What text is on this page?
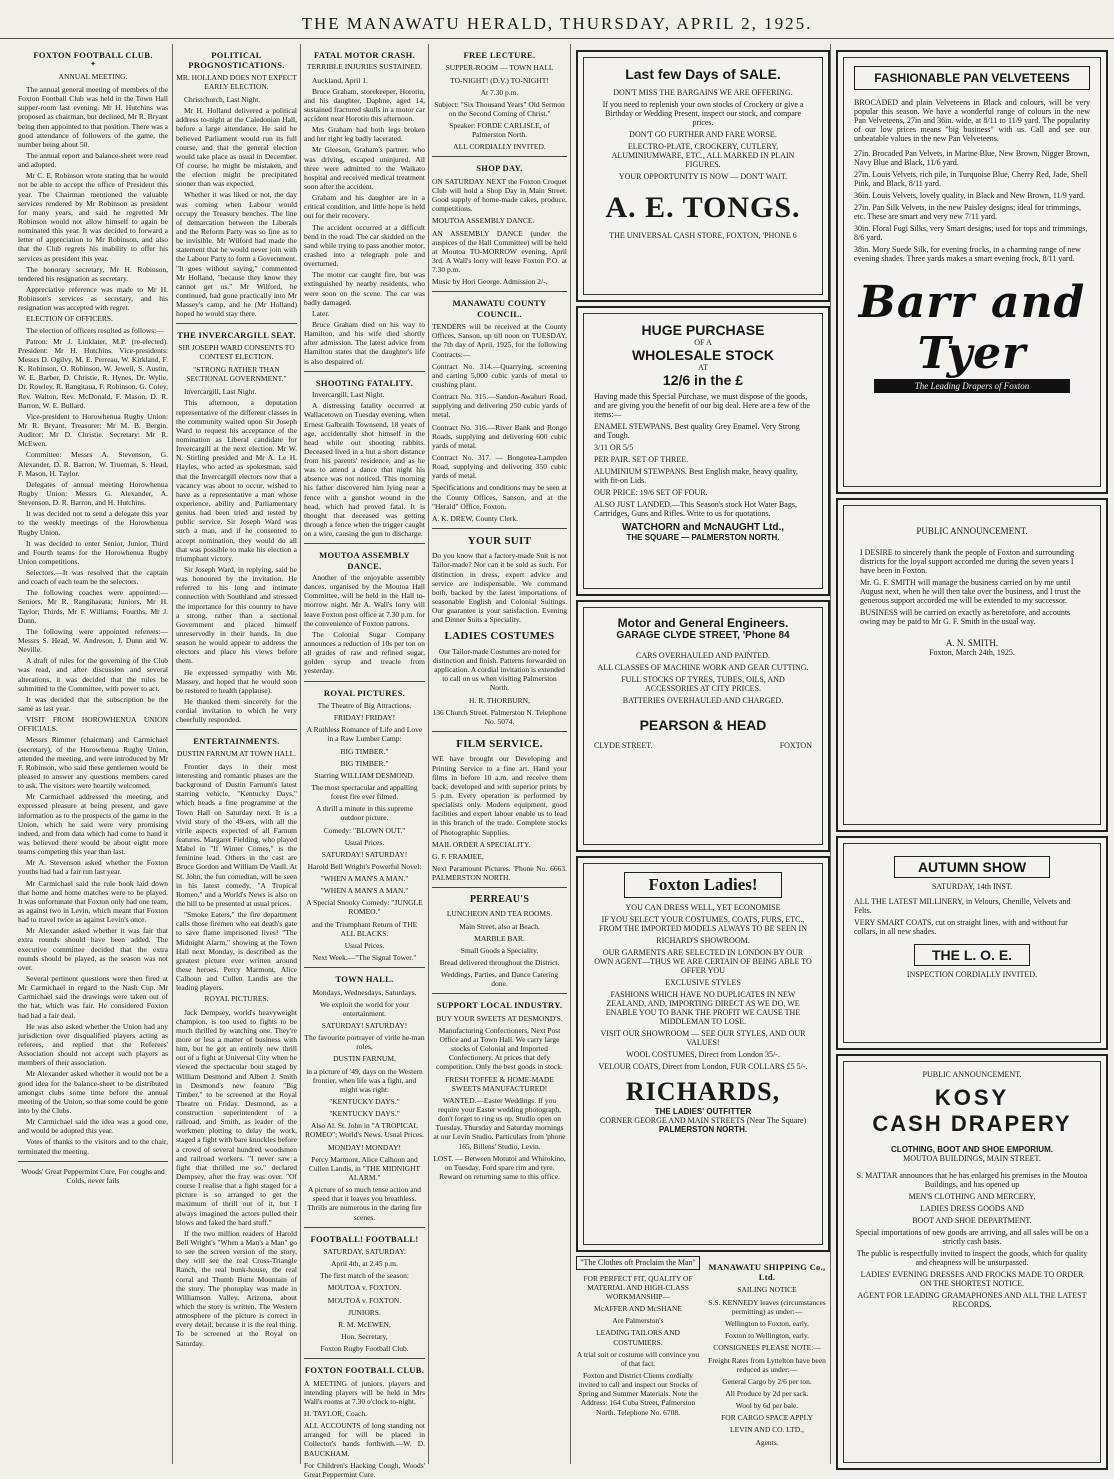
THE MANAWATU HERALD, THURSDAY, APRIL 2, 1925.
FOXTON FOOTBALL CLUB.
✦
ANNUAL MEETING.

The annual general meeting of members of the Foxton Football Club was held in the Town Hall supper-room last evening. Mr H. Hutchins was proposed as chairman, but declined, Mr R. Bryant being then appointed to that position. There was a good attendance of followers of the game, the number being about 50.

The annual report and balance-sheet were read and adopted.

Mr C. E. Robinson wrote stating that he would not be able to accept the office of President this year. The Chairman mentioned the valuable services rendered by Mr Robinson as president for many years, and said he regretted Mr Robinson would not allow himself to again be nominated this year. It was decided to forward a letter of appreciation to Mr Robinson, and also that the Club regrets his inability to offer his services as president this year.

The honorary secretary, Mr H. Robinson, tendered his resignation as secretary.

Appreciative reference was made to Mr H. Robinson's services as secretary, and his resignation was accepted with regret.

ELECTION OF OFFICERS.

The election of officers resulted as follows:—

Patron: Mr J. Linklater, M.P. (re-elected). President: Mr H. Hutchins. Vice-presidents: Messrs D. Ogilvy, M. E. Perreau, W. Kirkland, F. K. Robinson, O. Robinson, W. Jewell, S. Austin, W. E. Barber, D. Christie, R. Hynes, Dr. Wylie, Dr. Rowley, R. Rangitaua, F. Robinson, G. Coley, Rev. Walton, Rev. McDonald, F. Mason, D. R. Barron, W. E. Bullard.

Vice-president to Horowhenua Rugby Union: Mr R. Bryant. Treasurer: Mr M. B. Bergin. Auditor: Mr D. Christie. Secretary: Mr R. McEwen.

Committee: Messrs A. Stevenson, G. Alexander, D. R. Barron, W. Trueman, S. Head, F. Mason, H. Taylor.

Delegates of annual meeting Horowhenua Rugby Union: Messrs G. Alexander, A. Stevenson, D. R. Barron, and H. Hutchins.

It was decided not to send a delegate this year to the weekly meetings of the Horowhenua Rugby Union.

It was decided to enter Senior, Junior, Third and Fourth teams for the Horowhenua Rugby Union competitions.

Selectors.—It was resolved that the captain and coach of each team be the selectors.

The following coaches were appointed:—Seniors, Mr R. Rangihaeata; Juniors, Mr H. Taylor; Thirds, Mr F. Williams; Fourths, Mr J. Dunn.

The following were appointed referees:—Messrs S. Head, W. Andreson, J. Dunn and W. Neville.

A draft of rules for the governing of the Club was read, and after discussion and several alterations, it was decided that the rules be submitted to the Committee, with power to act.

It was decided that the subscription be the same as last year.

VISIT FROM HOROWHENUA UNION OFFICIALS.

Messrs Rimmer (chairman) and Carmichael (secretary), of the Horowhenua Rugby Union, attended the meeting, and were introduced by Mr F. Robinson, who said these gentlemen would be pleased to answer any questions members cared to ask. The visitors were heartily welcomed.

Mr Carmichael addressed the meeting, and expressed pleasure at being present, and gave information as to the prospects of the game in the Union, which he said were very promising indeed, and from data which had come to hand it was believed there would be about eight more teams competing this year than last.

Mr A. Stevenson asked whether the Foxton youths had had a fair run last year.

Mr Carmichael said the rule book laid down that home and home matches were to be played. It was unfortunate that Foxton only had one team, as against two in Levin, which meant that Foxton had to travel twice as against Levin's once.

Mr Alexander asked whether it was fair that extra rounds should have been added. The executive committee decided that the extra rounds should be played, as the season was not over.

Several pertinent questions were then fired at Mr Carmichael in regard to the Nash Cup. Mr Carmichael said the drawings were taken out of the hat, which was fair. He considered Foxton had had a fair deal.

He was also asked whether the Union had any jurisdiction over disqualified players acting as referees, and replied that the Referees' Association should not accept such players as members of their association.

Mr Alexander asked whether it would not be a good idea for the balance-sheet to be distributed amongst clubs some time before the annual meeting of the Union, so that some could be gone into by the Clubs.

Mr Carmichael said the idea was a good one, and would be adopted this year.

Votes of thanks to the visitors and to the chair, terminated the meeting.

Woods' Great Peppermint Cure, For coughs and Colds, never fails
POLITICAL PROGNOSTICATIONS.
MR. HOLLAND DOES NOT EXPECT EARLY ELECTION.

Christchurch, Last Night.

Mr H. Holland delivered a political address to-night at the Caledonian Hall, before a large attendance. He said he believed Parliament would run its full course, and that the general election would take place as usual in December. Of course, he might be mistaken, and the election might be precipitated sooner than was expected.

Whether it was liked or not, the day was coming when Labour would occupy the Treasury benches. The line of demarcation between the Liberals and the Reform Party was so fine as to be invisible. Mr Wilford had made the statement that he would never join with the Labour Party to form a Government. "It goes without saying," commented Mr Holland, "because they know they cannot get us." Mr Wilford, he continued, had gone practically into Mr Massey's camp, and he (Mr Holland) hoped he would stay there.

THE INVERCARGILL SEAT.
SIR JOSEPH WARD CONSENTS TO CONTEST ELECTION.
"STRONG RATHER THAN SECTIONAL GOVERNMENT."

Invercargill, Last Night.

This afternoon, a deputation representative of the different classes in the community waited upon Sir Joseph Ward to request his acceptance of the nomination as Liberal candidate for Invercargill at the next election. Mr W. N. Stirling presided and Mr A. Le H. Hayles, who acted as spokesman, said that the Invercargill electors now that a vacancy was about to occur, wished to have as a representative a man whose experience, ability and Parliamentary genius had been tried and tested by public service. Sir Joseph Ward was such a man, and if he consented to accept nomination, they would do all that was possible to make his election a triumphant victory.

Sir Joseph Ward, in replying, said he was honoured by the invitation. He referred to his long and intimate connection with Southland and stressed the importance for this country to have a strong, rather than a sectional Government and placed himself unreservedly in their hands. In due season he would appear to address the electors and place his views before them.

He expressed sympathy with Mr. Massey, and hoped that he would soon be restored to health (applause).

He thanked them sincerely for the cordial invitation to which he very cheerfully responded.

ENTERTAINMENTS.
DUSTIN FARNUM AT TOWN HALL.

Frontier days in their most interesting and romantic phases are the background of Dustin Farnum's latest starring vehicle, "Kentucky Days," which heads a fine programme at the Town Hall on Saturday next. It is a vivid story of the 49-ers, with all the virile aspects expected of all Farnum features. Margaret Fielding, who played Mabel in "If Winter Comes," is the feminine lead. Others in the cast are Bruce Gordon and William De Vaull. At St. John, the fun comedian, will be seen in his latest comedy, "A Tropical Romeo," and a World's News is also on the bill to be presented at usual prices.

"Smoke Eaters," the fire department calls those firemen who eat death's gate to save flame imprisoned lives! "The Midnight Alarm," showing at the Town Hall next Monday, is described as the greatest picture ever written around these heroes. Percy Marmont, Alice Calhoun and Cullen Landis are the leading players.

ROYAL PICTURES.

Jack Dempsey, world's heavyweight champion, is too used to fights to be much thrilled by watching one. They're more or less a matter of business with him, but he got an entirely new thrill out of a fight at Universal City when he viewed the spectacular bout staged by William Desmond and Albert J. Smith in Desmond's new feature "Big Timber," to be screened at the Royal Theatre on Friday. Desmond, as a construction superintendent of a railroad, and Smith, as leader of the workmen plotting to delay the work, staged a fight with bare knuckles before a crowd of several hundred woodsmen and railroad workers. "I never saw a fight that thrilled me so," declared Dempsey, after the fray was over. "Of course I realise that a fight staged for a picture is so arranged to get the maximum of thrill out of it, but I always imagined the actors pulled their blows and faked the hard stuff."

If the two million readers of Harold Bell Wright's "When a Man's a Man" go to see the screen version of the story, they will see the real Cross-Triangle Ranch, the real bunk-house, the real corral and Thumb Butte Mountain of the story. The photoplay was made in Williamson Valley, Arizona, about which the story is written. The Western atmosphere of the picture is correct in every detail, because it is the real thing. To be screened at the Royal on Saturday.

FATAL MOTOR CRASH.
TERRIBLE INJURIES SUSTAINED.

Auckland, April 1.

Bruce Graham, storekeeper, Horotiu, and his daughter, Daphne, aged 14, sustained fractured skulls in a motor car accident near Horotiu this afternoon.

Mrs Graham had both legs broken and her right leg badly lacerated.

Mr Gleeson, Graham's partner, who was driving, escaped uninjured. All three were admitted to the Waikato hospital and received medical treatment soon after the accident.

Graham and his daughter are in a critical condition, and little hope is held out for their recovery.

The accident occurred at a difficult bend in the road. The car skidded on the sand while trying to pass another motor, crashed into a telegraph pole and overturned.

The motor car caught fire, but was extinguished by nearby residents, who were soon on the scene. The car was badly damaged.

Later.

Bruce Graham died on his way to Hamilton, and his wife died shortly after admission. The latest advice from Hamilton states that the daughter's life is also despaired of.

SHOOTING FATALITY.

Invercargill, Last Night.

A distressing fatality occurred at Wallacetown on Tuesday evening, when Ernest Galbraith Townsend, 18 years of age, accidentally shot himself in the head while out shooting rabbits. Deceased lived in a hut a short distance from his parents' residence, and as he was to attend a dance that night his absence was not noticed. This morning his father discovered him lying near a fence with a gunshot wound in the head, which had proved fatal. It is thought that deceased was getting through a fence when the trigger caught on a wire, causing the gun to discharge.

MOUTOA ASSEMBLY DANCE.

Another of the enjoyable assembly dances, organised by the Moutoa Hall Committee, will be held in the Hall to-morrow night. Mr A. Wall's lorry will leave Foxton post office at 7.30 p.m. for the convenience of Foxton patrons.

The Colonial Sugar Company announces a reduction of 10s per ton on all grades of raw and refined sugar, golden syrup and treacle from yesterday.

ROYAL PICTURES.
The Theatre of Big Attractions.
FRIDAY! FRIDAY!
A Ruthless Romance of Life and Love in a Raw Lumber Camp:
BIG TIMBER."
BIG TIMBER."
Starring WILLIAM DESMOND.
The most spectacular and appalling forest fire ever filmed.
A thrill a minute in this supreme outdoor picture.
Comedy: "BLOWN OUT."
Usual Prices.
SATURDAY! SATURDAY!
Harold Bell Wright's Powerful Novel:
"WHEN A MAN'S A MAN."
"WHEN A MAN'S A MAN."
A Special Snooky Comedy: "JUNGLE ROMEO."
and the Triumphant Return of THE ALL BLACKS.
Usual Prices.
Next Week.—"The Signal Tower."
TOWN HALL.
Mondays, Wednesdays, Saturdays.
We exploit the world for your entertainment.
SATURDAY! SATURDAY!
The favourite portrayer of virile he-man roles,
DUSTIN FARNUM,
in a picture of '49, days on the Western frontier, when life was a fight, and might was right:
"KENTUCKY DAYS."
"KENTUCKY DAYS."
Also Al. St. John in "A TROPICAL ROMEO"; World's News. Usual Prices.
MONDAY! MONDAY!
Percy Marmont, Alice Calhoun and Cullen Landis, in "THE MIDNIGHT ALARM."
A picture of so much tense action and speed that it leaves you breathless. Thrills are numerous in the daring fire scenes.
FOOTBALL! FOOTBALL!
SATURDAY, SATURDAY.
April 4th, at 2.45 p.m.
The first match of the season:
MOUTOA v. FOXTON.
MOUTOA v. FOXTON.
JUNIORS.
R. M. McEWEN,
Hon. Secretary,
Foxton Rugby Football Club.
FOXTON FOOTBALL CLUB.
A MEETING of juniors, players and intending players will be held in Mrs Wall's rooms at 7.30 o'clock to-night.
H. TAYLOR, Coach.
ALL ACCOUNTS of long standing not arranged for will be placed in Collector's hands forthwith.—W. D. BAUCKHAM.
For Children's Hacking Cough, Woods' Great Peppermint Cure.
FREE LECTURE.
SUPPER-ROOM — TOWN HALL
TO-NIGHT! (D.V.) TO-NIGHT!
At 7.30 p.m.
Subject: "Six Thousand Years" Old Sermon on the Second Coming of Christ."
Speaker: FORDE CARLISLE, of Palmerston North.
ALL CORDIALLY INVITED.
SHOP DAY.
ON SATURDAY NEXT the Foxton Croquet Club will hold a Shop Day in Main Street. Good supply of home-made cakes, produce, competitions.
MOUTOA ASSEMBLY DANCE.
AN ASSEMBLY DANCE (under the auspices of the Hall Committee) will be held at Moutoa TO-MORROW evening, April 3rd. A Wall's lorry will leave Foxton P.O. at 7.30 p.m.
Music by Hori George. Admission 2/-.
MANAWATU COUNTY COUNCIL.
TENDERS will be received at the County Offices, Sanson, up till noon on TUESDAY, the 7th day of April, 1925, for the following Contracts:—
Contract No. 314.—Quarrying, screening and carting 5,000 cubic yards of metal to crushing plant.
Contract No. 315.—Sandon-Awahuri Road, supplying and delivering 250 cubic yards of metal.
Contract No. 316.—River Bank and Rongo Roads, supplying and delivering 600 cubic yards of metal.
Contract No. 317. — Bongotea-Lampden Road, supplying and delivering 350 cubic yards of metal.
Specifications and conditions may be seen at the County Offices, Sanson, and at the "Herald" Office, Foxton.
A. K. DREW, County Clerk.
YOUR SUIT
Do you know that a factory-made Suit is not Tailor-made? Nor can it be sold as such. For distinction in dress, expert advice and service are indispensable. We command both, backed by the latest importations of seasonable English and Colonial Suitings. Our guarantee is your satisfaction. Evening and Dinner Suits a Speciality.
LADIES COSTUMES
Our Tailor-made Costumes are noted for distinction and finish. Patterns forwarded on application. A cordial invitation is extended to call on us when visiting Palmerston North.
H. R. THORBURN,
136 Church Street. Palmerston N. Telephone No. 5074.
FILM SERVICE.
WE have brought our Developing and Printing Service to a fine art. Hand your films in before 10 a.m. and receive them back, developed and with superior prints by 5 p.m. Every operation is performed by specialists only. Modern equipment, good facilities and expert labour enable us to lead in this branch of the trade. Complete stocks of Photographic Supplies.
MAIL ORDER A SPECIALITY.
G. F. FRAMJEE,
Next Paramount Pictures. 'Phone No. 6663. PALMERSTON NORTH.
PERREAU'S
LUNCHEON AND TEA ROOMS.
Main Street, also at Beach.
MARBLE BAR.
Small Goods a Speciality.
Bread delivered throughout the District.
Weddings, Parties, and Dance Catering done.
SUPPORT LOCAL INDUSTRY.
BUY YOUR SWEETS AT DESMOND'S.
Manufacturing Confectioners, Next Post Office and at Town Hall. We carry large stocks of Colonial and Imported Confectionery. At prices that defy competition. Only the best goods in stock.
FRESH TOFFEE & HOME-MADE SWEETS MANUFACTURED!
WANTED.—Easter Weddings. If you require your Easter wedding photograph, don't forget to ring us up. Studio open on Tuesday, Thursday and Saturday mornings at our Levin Studio. Particulars from 'phone 165, Billens' Studio, Levin.
LOST. — Between Motutoi and Whirokino, on Tuesday, Ford spare rim and tyre. Reward on returning same to this office.
Last few Days of SALE.
DON'T MISS THE BARGAINS WE ARE OFFERING.
If you need to replenish your own stocks of Crockery or give a Birthday or Wedding Present, inspect our stock, and compare prices.
DON'T GO FURTHER AND FARE WORSE.
ELECTRO-PLATE, CROCKERY, CUTLERY, ALUMINIUMWARE, ETC., ALL MARKED IN PLAIN FIGURES.
YOUR OPPORTUNITY IS NOW — DON'T WAIT.
A. E. TONGS.
THE UNIVERSAL CASH STORE, FOXTON, 'PHONE 6
HUGE PURCHASE
OF A
WHOLESALE STOCK
AT
12/6 in the £
Having made this Special Purchase, we must dispose of the goods, and are giving you the benefit of our big deal. Here are a few of the items:—
ENAMEL STEWPANS. Best quality Grey Enamel. Very Strong and Tough.
3/11 OR 5/5
PER PAIR. SET OF THREE.
ALUMINIUM STEWPANS. Best English make, heavy quality, with fit-on Lids.
OUR PRICE: 19/6 SET OF FOUR.
ALSO JUST LANDED.—This Season's stock Hot Water Bags, Cartridges, Guns and Rifles. Write to us for quotations.
WATCHORN and McNAUGHT Ltd.,
THE SQUARE — PALMERSTON NORTH.
Motor and General Engineers.
GARAGE CLYDE STREET, 'Phone 84
CARS OVERHAULED AND PAINTED.
ALL CLASSES OF MACHINE WORK AND GEAR CUTTING.
FULL STOCKS OF TYRES, TUBES, OILS, AND ACCESSORIES AT CITY PRICES.
BATTERIES OVERHAULED AND CHARGED.
PEARSON & HEAD
CLYDE STREET.	FOXTON
Foxton Ladies!
YOU CAN DRESS WELL, YET ECONOMISE
IF YOU SELECT YOUR COSTUMES, COATS, FURS, ETC., FROM THE IMPORTED MODELS ALWAYS TO BE SEEN IN
RICHARD'S SHOWROOM.
OUR GARMENTS ARE SELECTED IN LONDON BY OUR OWN AGENT—THUS WE ARE CERTAIN OF BEING ABLE TO OFFER YOU
EXCLUSIVE STYLES
FASHIONS WHICH HAVE NO DUPLICATES IN NEW ZEALAND, AND, IMPORTING DIRECT AS WE DO, WE ENABLE YOU TO BANK THE PROFIT WE CAUSE THE MIDDLEMAN TO LOSE.
VISIT OUR SHOWROOM — SEE OUR STYLES, AND OUR VALUES!
WOOL COSTUMES, Direct from London 35/-.
VELOUR COATS, Direct from London, FUR COLLARS £5 5/-.
RICHARDS,
THE LADIES' OUTFITTER
CORNER GEORGE AND MAIN STREETS (Near The Square)
PALMERSTON NORTH.
"The Clothes oft Proclaim the Man"
FOR PERFECT FIT, QUALITY OF MATERIAL AND HIGH-CLASS WORKMANSHIP—
McAFFER AND McSHANE
Are Palmerston's
LEADING TAILORS AND COSTUMIERS.
A trial suit or costume will convince you of that fact.
Foxton and District Clients cordially invited to call and inspect our Stocks of Spring and Summer Materials. Note the Address: 164 Cuba Street, Palmerston North. Telephone No. 6708.
MANAWATU SHIPPING Co., Ltd.
SAILING NOTICE
S.S. KENNEDY leaves (circumstances permitting) as under:—
Wellington to Foxton, early.
Foxton to Wellington, early.
CONSIGNEES PLEASE NOTE:—
Freight Rates from Lyttelton have been reduced as under:—
General Cargo by 2/6 per ton.
All Produce by 2d per sack.
Wool by 6d per bale.
FOR CARGO SPACE APPLY
LEVIN AND CO. LTD.,
Agents.
FASHIONABLE PAN VELVETEENS
BROCADED and plain Velveteens in Black and colours, will be very popular this season. We have a wonderful range of colours in the new Pan Velveteens, 27in and 36in. wide, at 8/11 to 11/9 yard. The popularity of our low prices means "big business" with us. Call and see our unbeatable values in the new Pan Velveteens.
27in. Brocaded Pan Velvets, in Marine Blue, New Brown, Nigger Brown, Navy Blue and Black, 11/6 yard.
27in. Louis Velvets, rich pile, in Turquoise Blue, Cherry Red, Jade, Shell Pink, and Black, 8/11 yard.
36in. Louis Velvets, lovely quality, in Black and New Brown, 11/9 yard.
27in. Pan Silk Velvets, in the new Paisley designs; ideal for trimmings, etc. These are smart and very new 7/11 yard.
30in. Floral Fugi Silks, very Smart designs; used for tops and trimmings, 8/6 yard.
38in. Mory Suede Silk, for evening frocks, in a charming range of new evening shades. Three yards makes a smart evening frock, 8/11 yard.
Barr and Tyer
The Leading Drapers of Foxton
PUBLIC ANNOUNCEMENT.
I DESIRE to sincerely thank the people of Foxton and surrounding districts for the loyal support accorded me during the seven years I have been in Foxton.
Mr. G. F. SMITH will manage the business carried on by me until August next, when he will then take over the business, and I trust the generous support accorded me will be extended to my successor.
BUSINESS will be carried on exactly as heretofore, and accounts owing may be paid to Mr G. F. Smith in the usual way.
A. N. SMITH.
Foxton, March 24th, 1925.
AUTUMN SHOW
SATURDAY, 14th INST.
ALL THE LATEST MILLINERY, in Velours, Chenille, Velvets and Felts.
VERY SMART COATS, cut on straight lines, with and without fur collars, in all new shades.
THE L. O. E.
INSPECTION CORDIALLY INVITED.
PUBLIC ANNOUNCEMENT.
KOSY
CASH DRAPERY
CLOTHING, BOOT AND SHOE EMPORIUM.
MOUTOA BUILDINGS, MAIN STREET.
S. MATTAR announces that he has enlarged his premises in the Moutoa Buildings, and has opened up
MEN'S CLOTHING AND MERCERY,
LADIES DRESS GOODS AND
BOOT AND SHOE DEPARTMENT.
Special importations of new goods are arriving, and all sales will be on a strictly cash basis.
The public is respectfully invited to inspect the goods, which for quality and cheapness will be unsurpassed.
LADIES' EVENING DRESSES AND FROCKS MADE TO ORDER ON THE SHORTEST NOTICE.
AGENT FOR LEADING GRAMAPHONES AND ALL THE LATEST RECORDS.
